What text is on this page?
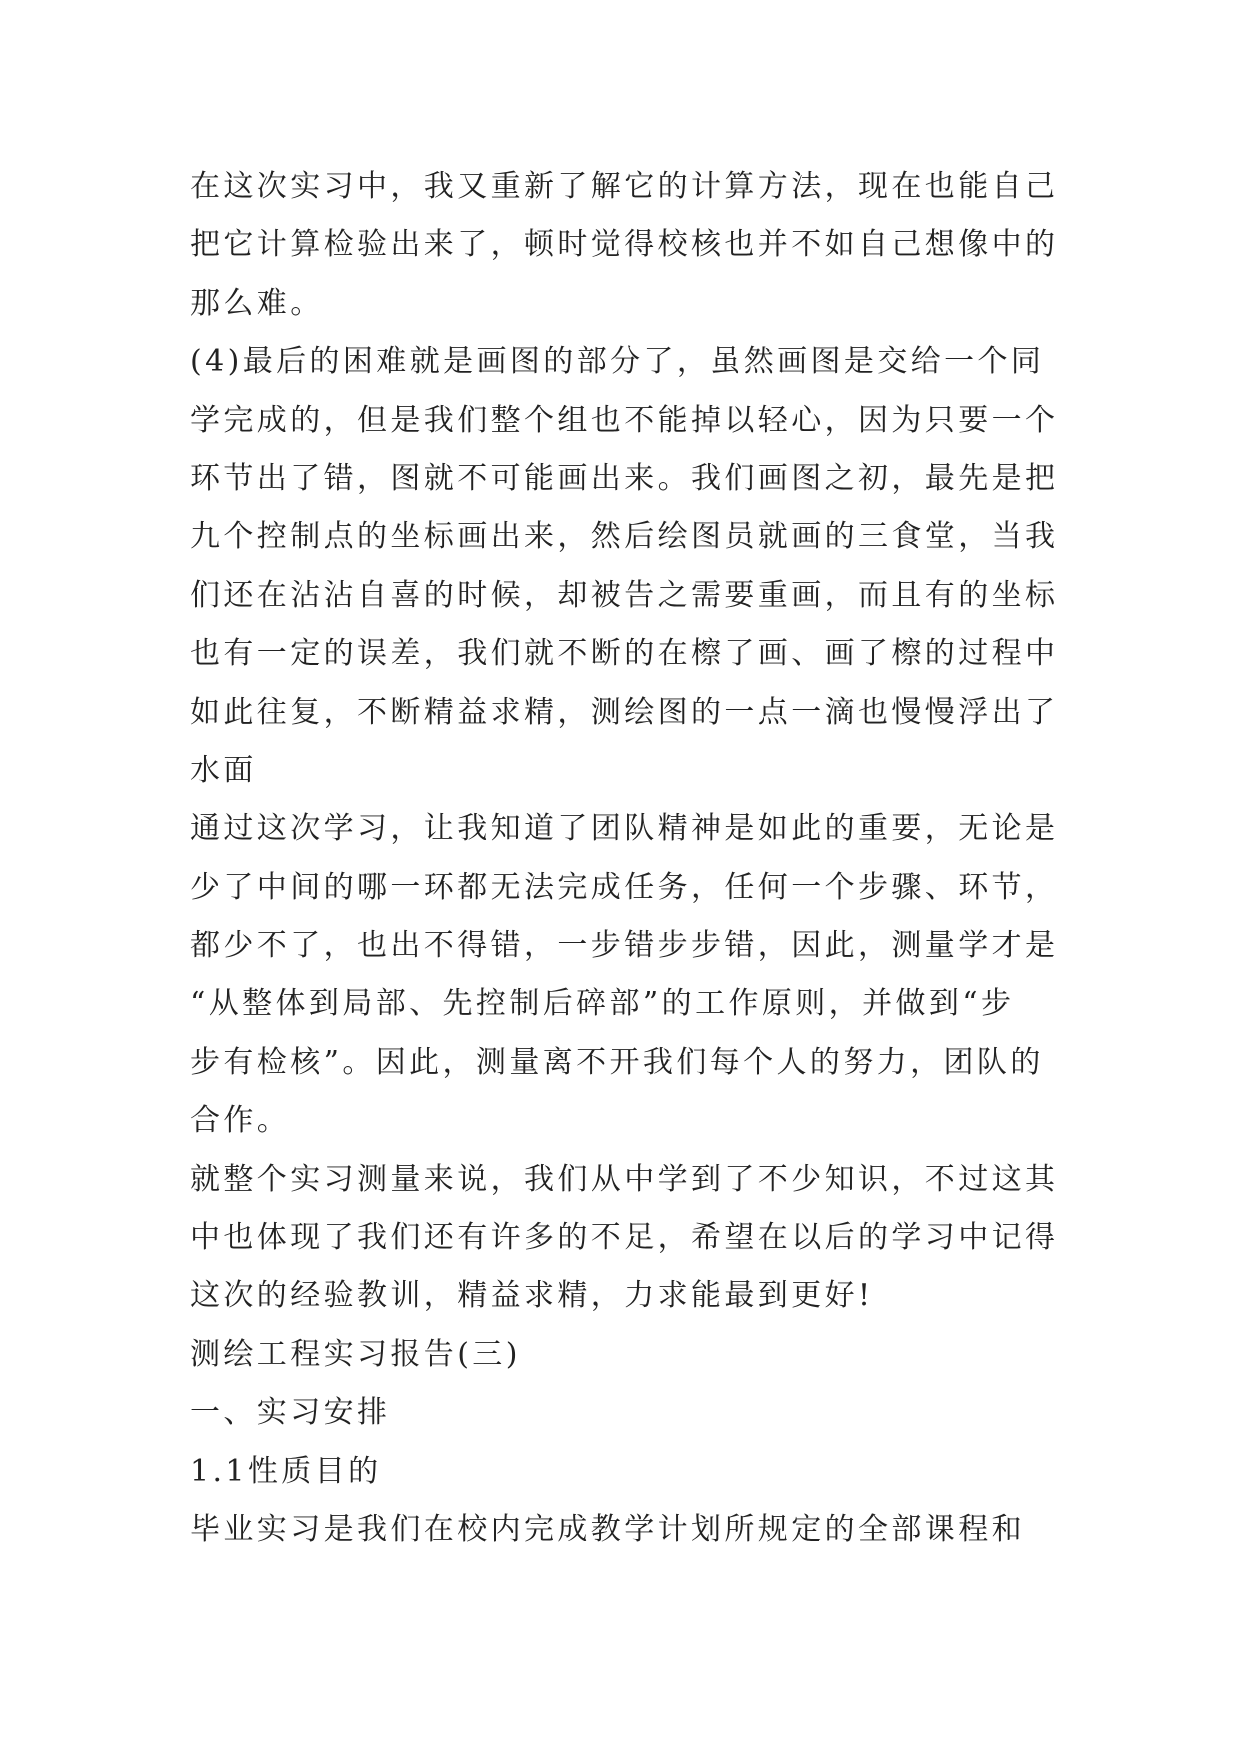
在这次实习中，我又重新了解它的计算方法，现在也能自己
把它计算检验出来了，顿时觉得校核也并不如自己想像中的
那么难。
(4)最后的困难就是画图的部分了，虽然画图是交给一个同
学完成的，但是我们整个组也不能掉以轻心，因为只要一个
环节出了错，图就不可能画出来。我们画图之初，最先是把
九个控制点的坐标画出来，然后绘图员就画的三食堂，当我
们还在沾沾自喜的时候，却被告之需要重画，而且有的坐标
也有一定的误差，我们就不断的在檫了画、画了檫的过程中
如此往复，不断精益求精，测绘图的一点一滴也慢慢浮出了
水面
通过这次学习，让我知道了团队精神是如此的重要，无论是
少了中间的哪一环都无法完成任务，任何一个步骤、环节，
都少不了，也出不得错，一步错步步错，因此，测量学才是
“从整体到局部、先控制后碎部”的工作原则，并做到“步
步有检核”。因此，测量离不开我们每个人的努力，团队的
合作。
就整个实习测量来说，我们从中学到了不少知识，不过这其
中也体现了我们还有许多的不足，希望在以后的学习中记得
这次的经验教训，精益求精，力求能最到更好!
测绘工程实习报告(三)
一、实习安排
1.1性质目的
毕业实习是我们在校内完成教学计划所规定的全部课程和
